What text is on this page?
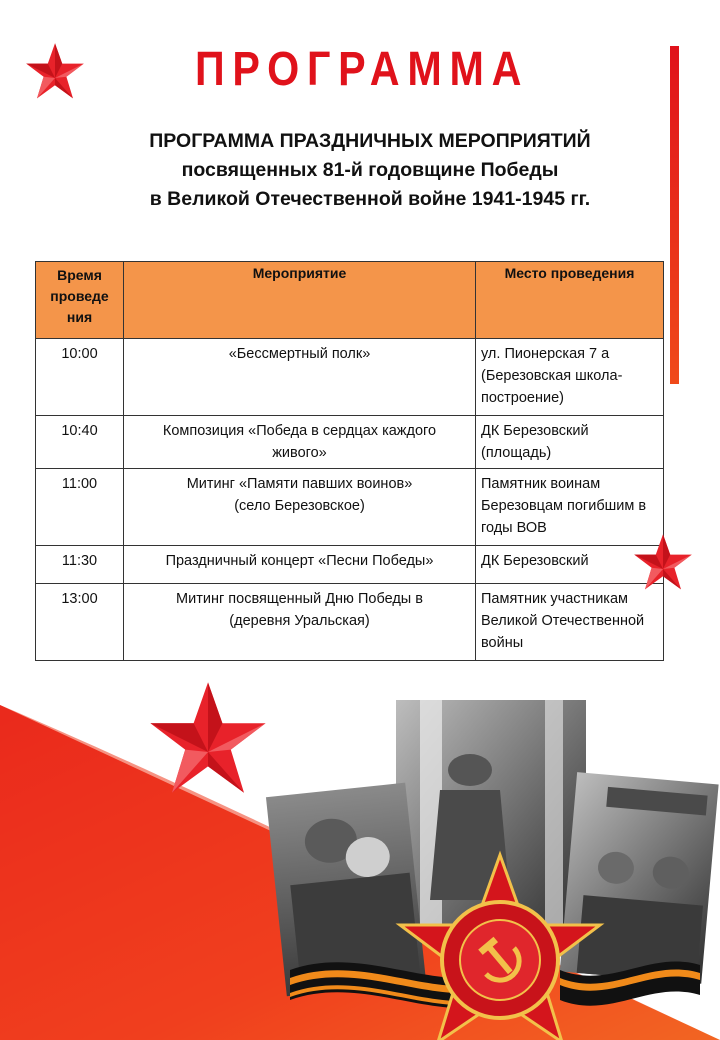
ПРОГРАММА
ПРОГРАММА ПРАЗДНИЧНЫХ МЕРОПРИЯТИЙ
посвященных 81-й годовщине Победы
в Великой Отечественной войне 1941-1945 гг.
Время проведе ния	Мероприятие	Место проведения
10:00	«Бессмертный полк»	ул. Пионерская 7 а (Березовская школа- построение)
10:40	Композиция «Победа в сердцах каждого живого»	ДК Березовский (площадь)
11:00	Митинг «Памяти павших воинов» (село Березовское)	Памятник воинам Березовцам погибшим в годы ВОВ
11:30	Праздничный концерт «Песни Победы»	ДК Березовский
13:00	Митинг посвященный Дню Победы в (деревня Уральская)	Памятник участникам Великой Отечественной войны
